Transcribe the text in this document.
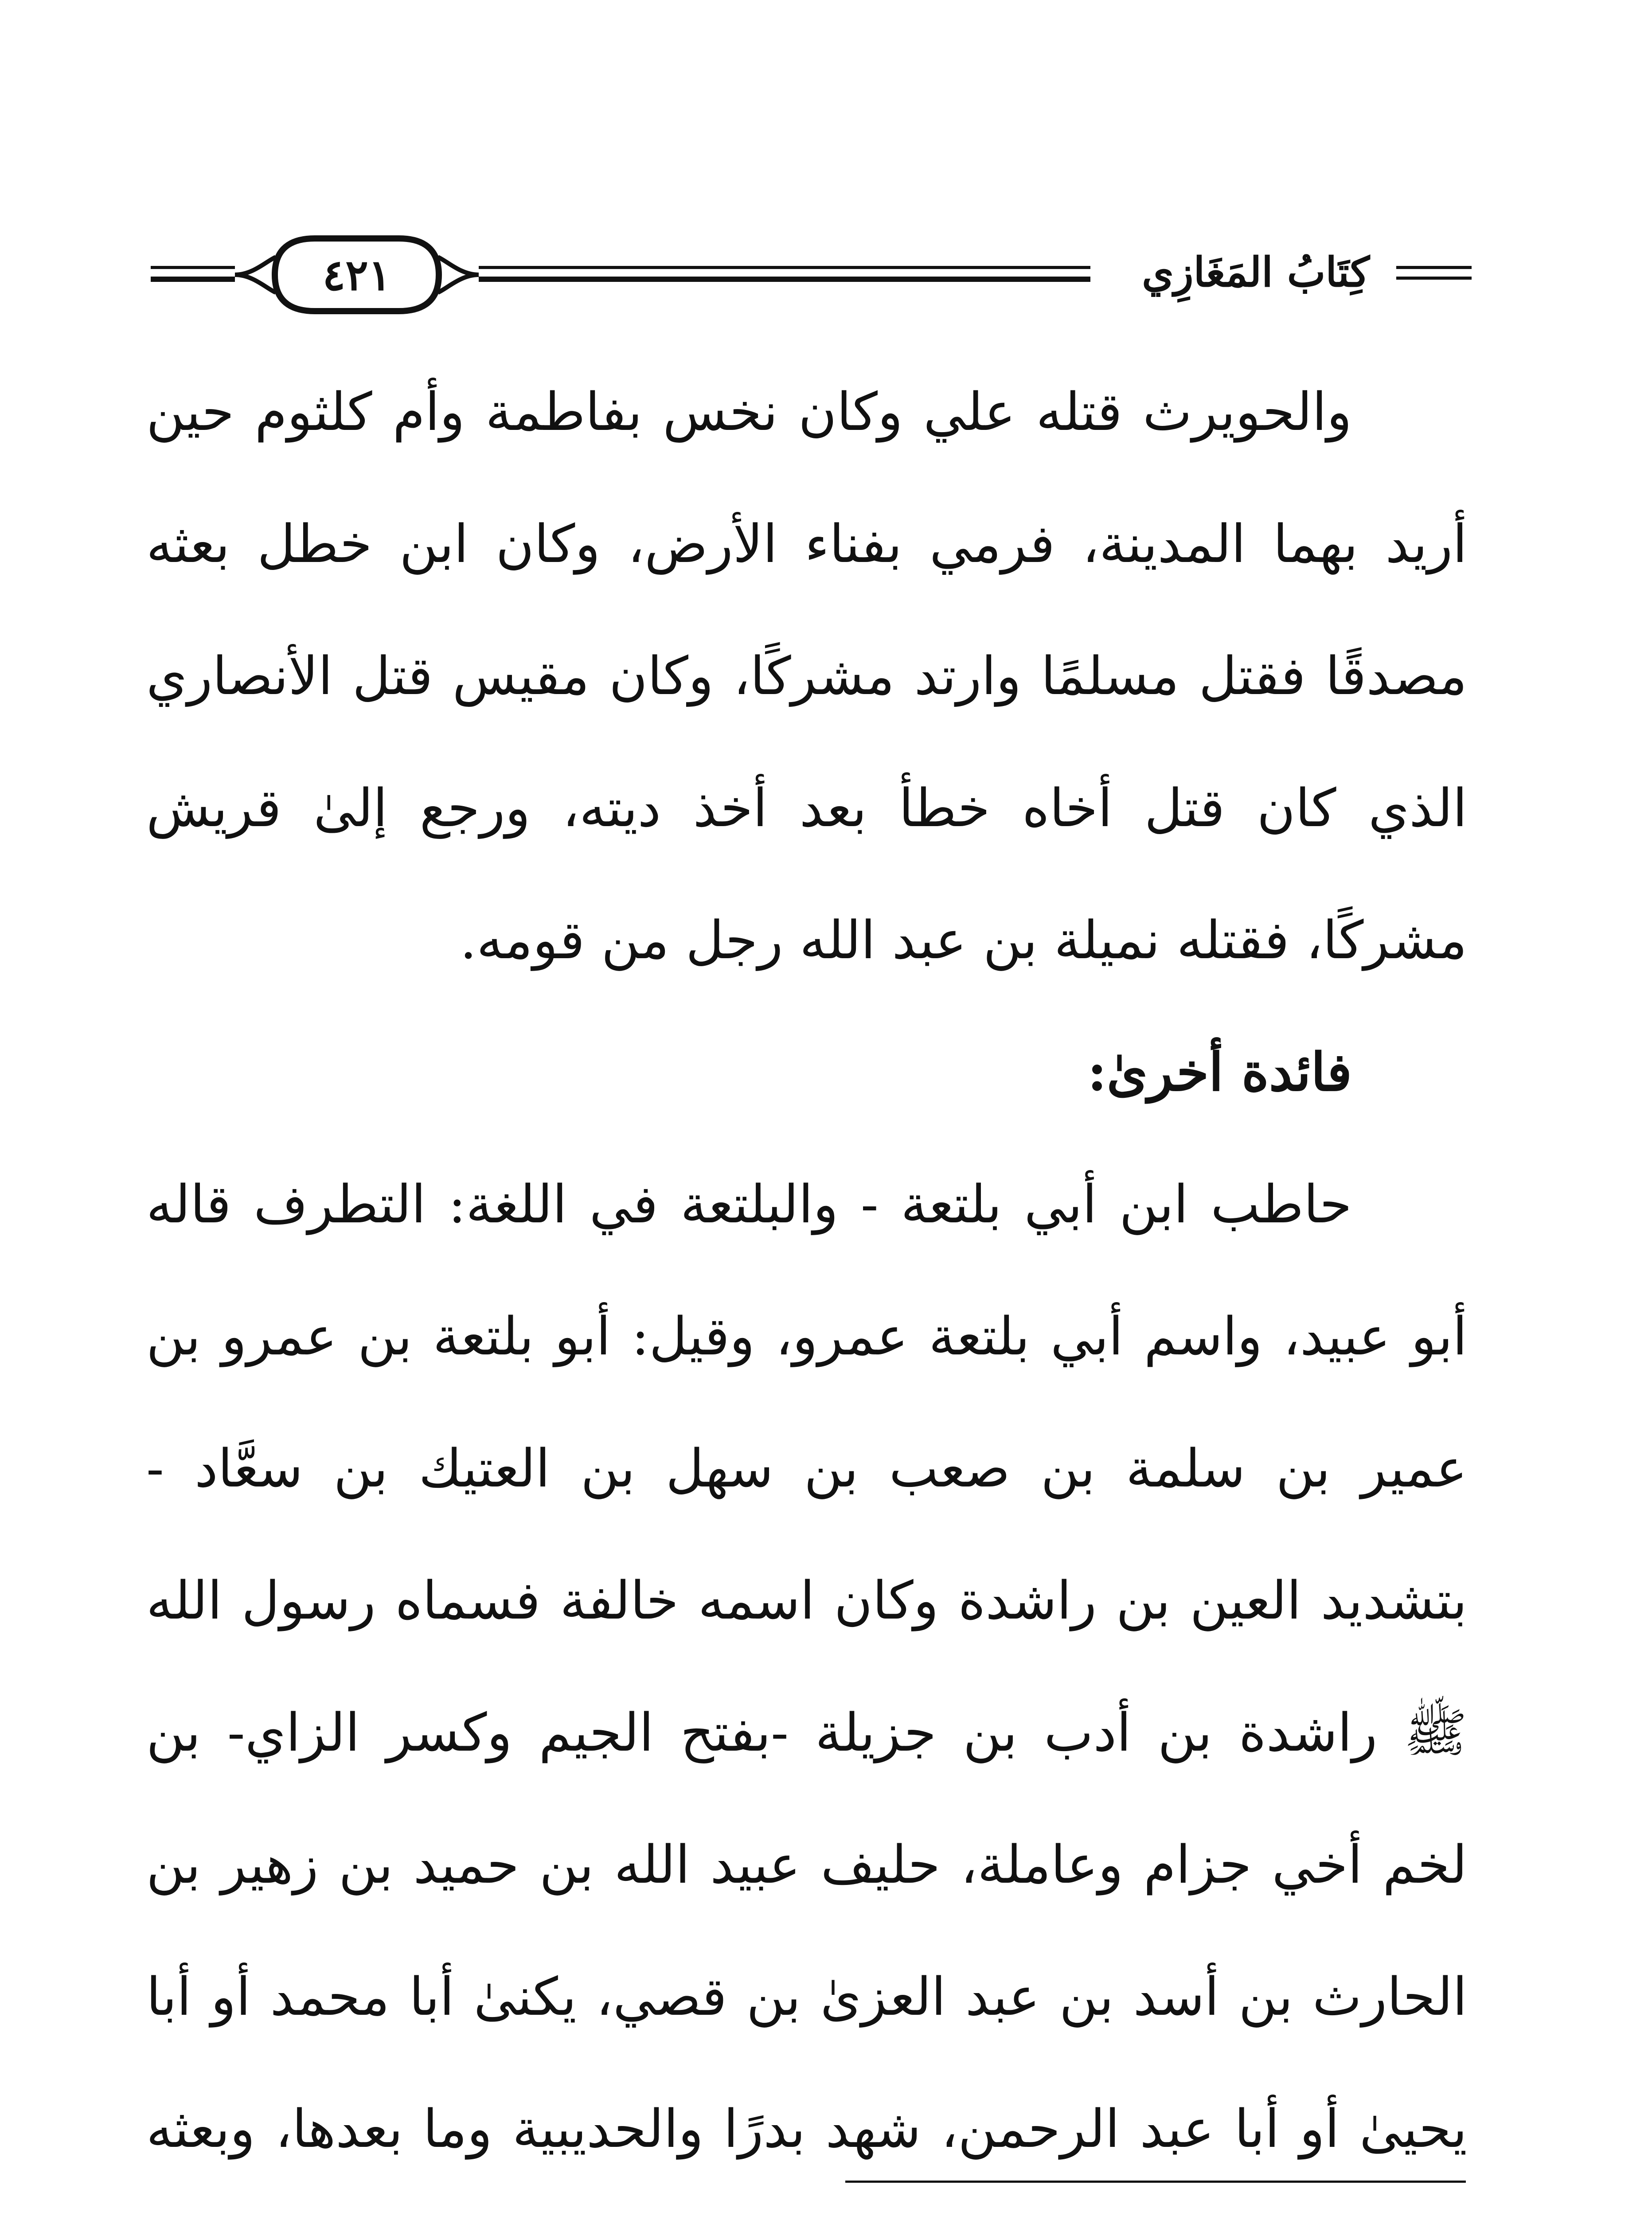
كِتَابُ المَغَازِي
٤٢١

والحويرث قتله علي وكان نخس بفاطمة وأم كلثوم حين أريد بهما المدينة، فرمي بفناء الأرض، وكان ابن خطل بعثه مصدقًا فقتل مسلمًا وارتد مشركًا، وكان مقيس قتل الأنصاري الذي كان قتل أخاه خطأ بعد أخذ ديته، ورجع إلىٰ قريش مشركًا، فقتله نميلة بن عبد الله رجل من قومه.

فائدة أخرىٰ:

حاطب ابن أبي بلتعة - والبلتعة في اللغة: التطرف قاله أبو عبيد، واسم أبي بلتعة عمرو، وقيل: أبو بلتعة بن عمرو بن عمير بن سلمة بن صعب بن سهل بن العتيك بن سعَّاد - بتشديد العين بن راشدة وكان اسمه خالفة فسماه رسول الله ﷺ راشدة بن أدب بن جزيلة -بفتح الجيم وكسر الزاي- بن لخم أخي جزام وعاملة، حليف عبيد الله بن حميد بن زهير بن الحارث بن أسد بن عبد العزىٰ بن قصي، يكنىٰ أبا محمد أو أبا يحيىٰ أو أبا عبد الرحمن، شهد بدرًا والحديبية وما بعدها، وبعثه
